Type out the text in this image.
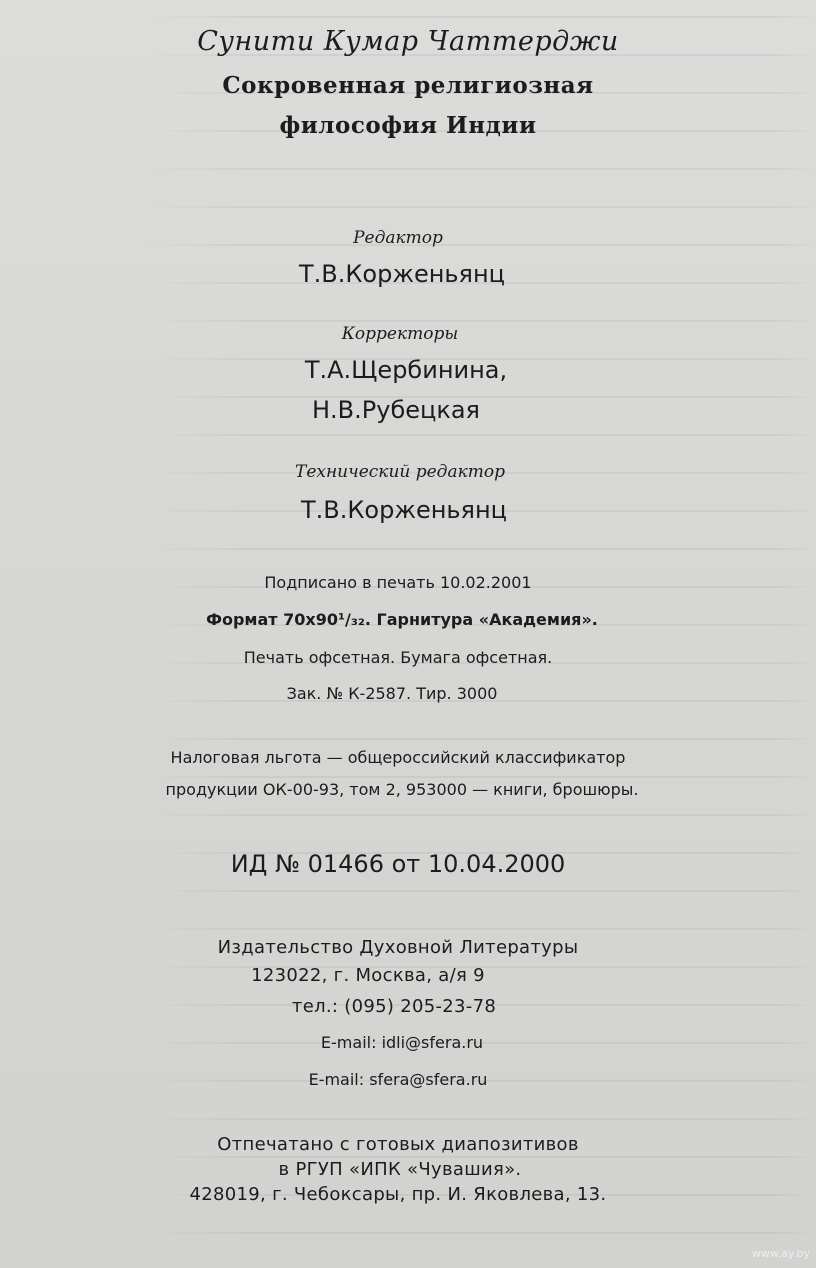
Сунити Кумар Чаттерджи
Сокровенная религиозная
философия Индии
Редактор
Т.В.Корженьянц
Корректоры
Т.А.Щербинина,
Н.В.Рубецкая
Технический редактор
Т.В.Корженьянц
Подписано в печать 10.02.2001
Формат 70x90¹/₃₂. Гарнитура «Академия».
Печать офсетная. Бумага офсетная.
Зак. № К-2587. Тир. 3000
Налоговая льгота — общероссийский классификатор
продукции ОК-00-93, том 2, 953000 — книги, брошюры.
ИД № 01466 от 10.04.2000
Издательство Духовной Литературы
123022, г. Москва, а/я 9
тел.: (095) 205-23-78
E-mail: idli@sfera.ru
E-mail: sfera@sfera.ru
Отпечатано с готовых диапозитивов
в РГУП «ИПК «Чувашия».
428019, г. Чебоксары, пр. И. Яковлева, 13.
www.ay.by
